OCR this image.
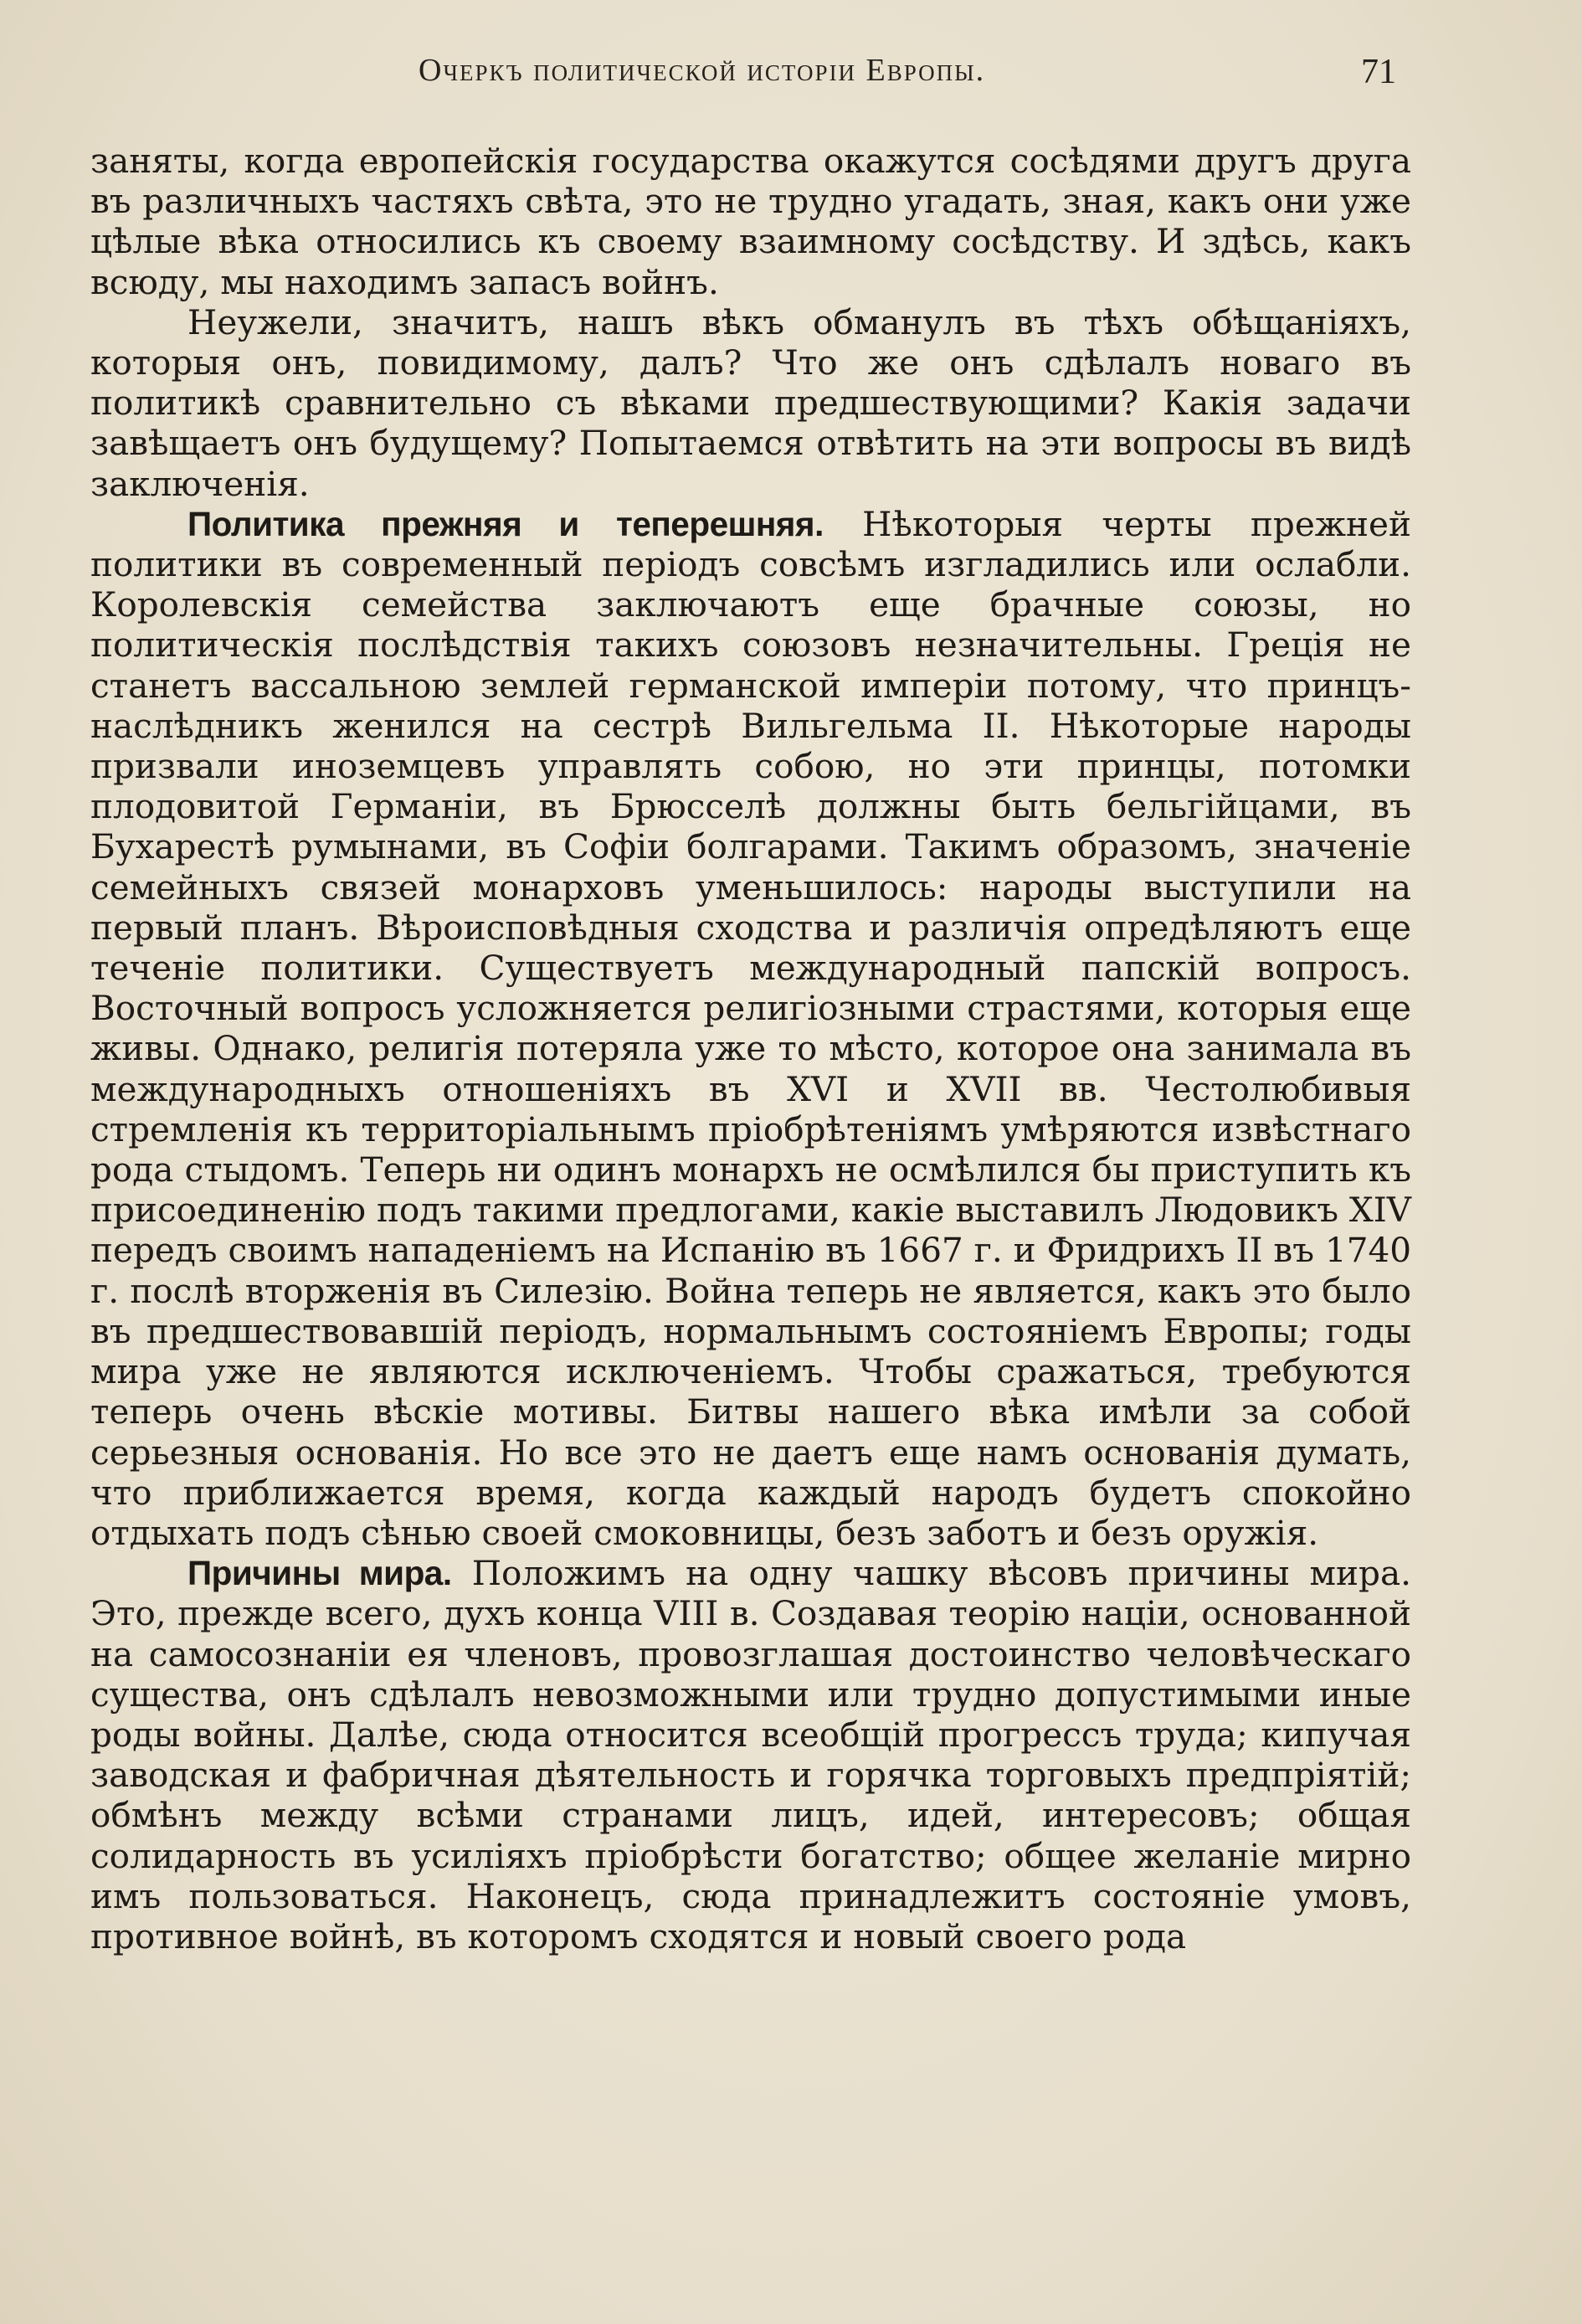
Очеркъ политической исторіи Европы.	71

заняты, когда европейскія государства окажутся сосѣдями другъ друга въ различныхъ частяхъ свѣта, это не трудно угадать, зная, какъ они уже цѣлые вѣка относились къ своему взаимному сосѣдству. И здѣсь, какъ всюду, мы находимъ запасъ войнъ.

Неужели, значитъ, нашъ вѣкъ обманулъ въ тѣхъ обѣщаніяхъ, которыя онъ, повидимому, далъ? Что же онъ сдѣлалъ новаго въ политикѣ сравнительно съ вѣками предшествующими? Какія задачи завѣщаетъ онъ будущему? Попытаемся отвѣтить на эти вопросы въ видѣ заключенія.

Политика прежняя и теперешняя. Нѣкоторыя черты прежней политики въ современный періодъ совсѣмъ изгладились или ослабли. Королевскія семейства заключаютъ еще брачные союзы, но политическія послѣдствія такихъ союзовъ незначительны. Греція не станетъ вассальною землей германской имперіи потому, что принцъ-наслѣдникъ женился на сестрѣ Вильгельма II. Нѣкоторые народы призвали иноземцевъ управлять собою, но эти принцы, потомки плодовитой Германіи, въ Брюсселѣ должны быть бельгійцами, въ Бухарестѣ румынами, въ Софіи болгарами. Такимъ образомъ, значеніе семейныхъ связей монарховъ уменьшилось: народы выступили на первый планъ. Вѣроисповѣдныя сходства и различія опредѣляютъ еще теченіе политики. Существуетъ международный папскій вопросъ. Восточный вопросъ усложняется религіозными страстями, которыя еще живы. Однако, религія потеряла уже то мѣсто, которое она занимала въ международныхъ отношеніяхъ въ XVI и XVII вв. Честолюбивыя стремленія къ территоріальнымъ пріобрѣтеніямъ умѣряются извѣстнаго рода стыдомъ. Теперь ни одинъ монархъ не осмѣлился бы приступить къ присоединенію подъ такими предлогами, какіе выставилъ Людовикъ XIV передъ своимъ нападеніемъ на Испанію въ 1667 г. и Фридрихъ II въ 1740 г. послѣ вторженія въ Силезію. Война теперь не является, какъ это было въ предшествовавшій періодъ, нормальнымъ состояніемъ Европы; годы мира уже не являются исключеніемъ. Чтобы сражаться, требуются теперь очень вѣскіе мотивы. Битвы нашего вѣка имѣли за собой серьезныя основанія. Но все это не даетъ еще намъ основанія думать, что приближается время, когда каждый народъ будетъ спокойно отдыхать подъ сѣнью своей смоковницы, безъ заботъ и безъ оружія.

Причины мира. Положимъ на одну чашку вѣсовъ причины мира. Это, прежде всего, духъ конца VIII в. Создавая теорію націи, основанной на самосознаніи ея членовъ, провозглашая достоинство человѣческаго существа, онъ сдѣлалъ невозможными или трудно допустимыми иные роды войны. Далѣе, сюда относится всеобщій прогрессъ труда; кипучая заводская и фабричная дѣятельность и горячка торговыхъ предпріятій; обмѣнъ между всѣми странами лицъ, идей, интересовъ; общая солидарность въ усиліяхъ пріобрѣсти богатство; общее желаніе мирно имъ пользоваться. Наконецъ, сюда принадлежитъ состояніе умовъ, противное войнѣ, въ которомъ сходятся и новый своего рода
